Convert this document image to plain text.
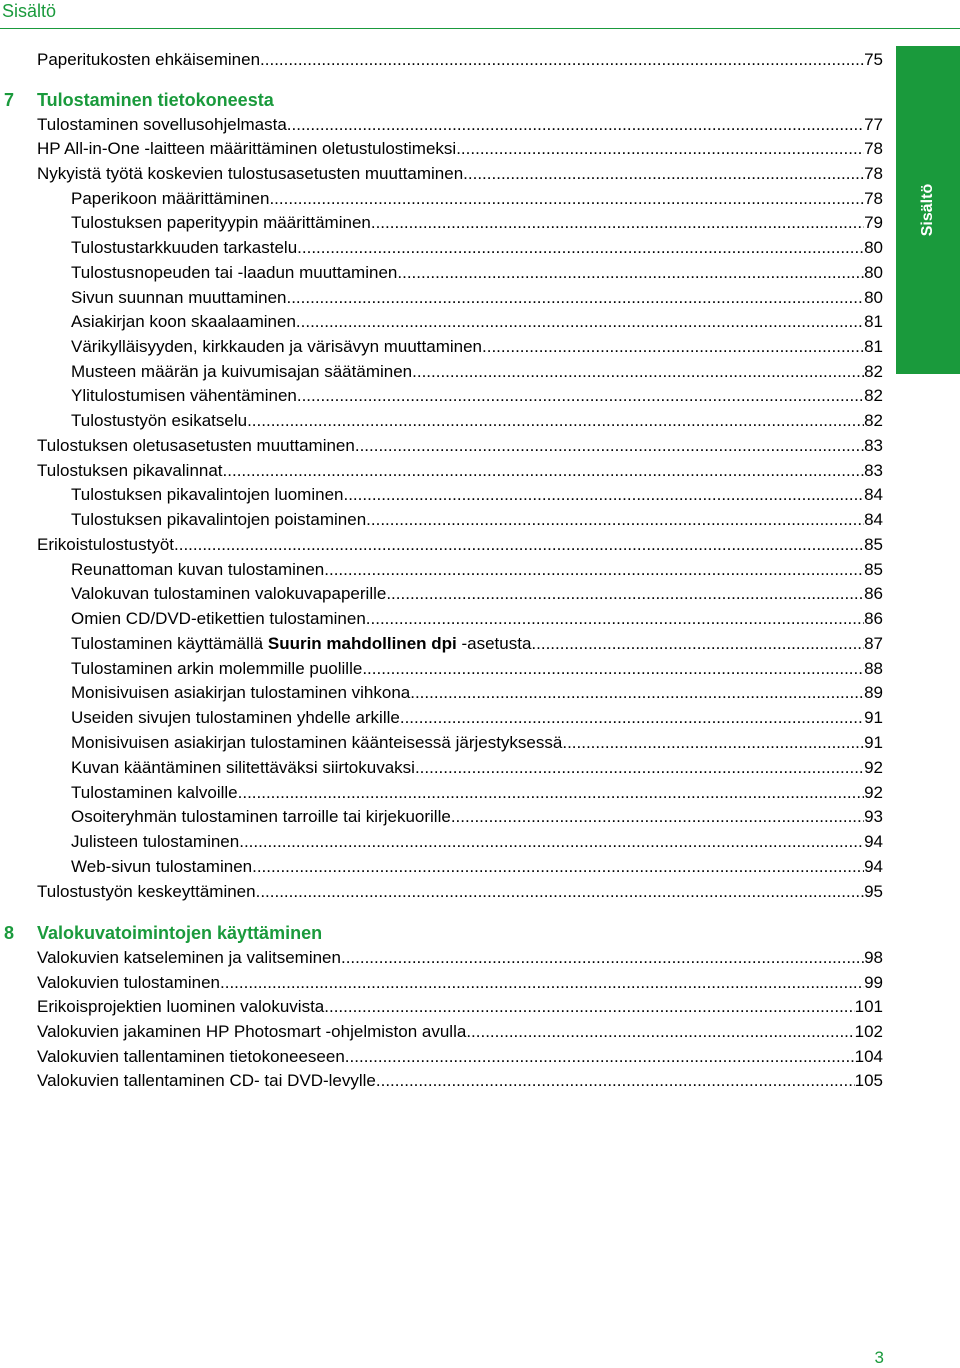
Sisältö
Sisältö
Paperitukosten ehkäiseminen .....	75
7 Tulostaminen tietokoneesta
Tulostaminen sovellusohjelmasta .....	77
HP All-in-One -laitteen määrittäminen oletustulostimeksi .....	78
Nykyistä työtä koskevien tulostusasetusten muuttaminen .....	78
Paperikoon määrittäminen .....	78
Tulostuksen paperityypin määrittäminen .....	79
Tulostustarkkuuden tarkastelu .....	80
Tulostusnopeuden tai -laadun muuttaminen .....	80
Sivun suunnan muuttaminen .....	80
Asiakirjan koon skaalaaminen .....	81
Värikylläisyyden, kirkkauden ja värisävyn muuttaminen .....	81
Musteen määrän ja kuivumisajan säätäminen .....	82
Ylitulostumisen vähentäminen .....	82
Tulostustyön esikatselu .....	82
Tulostuksen oletusasetusten muuttaminen .....	83
Tulostuksen pikavalinnat .....	83
Tulostuksen pikavalintojen luominen .....	84
Tulostuksen pikavalintojen poistaminen .....	84
Erikoistulostustyöt .....	85
Reunattoman kuvan tulostaminen .....	85
Valokuvan tulostaminen valokuvapaperille .....	86
Omien CD/DVD-etikettien tulostaminen .....	86
Tulostaminen käyttämällä Suurin mahdollinen dpi -asetusta .....	87
Tulostaminen arkin molemmille puolille .....	88
Monisivuisen asiakirjan tulostaminen vihkona .....	89
Useiden sivujen tulostaminen yhdelle arkille .....	91
Monisivuisen asiakirjan tulostaminen käänteisessä järjestyksessä .....	91
Kuvan kääntäminen silitettäväksi siirtokuvaksi .....	92
Tulostaminen kalvoille .....	92
Osoiteryhmän tulostaminen tarroille tai kirjekuorille .....	93
Julisteen tulostaminen .....	94
Web-sivun tulostaminen .....	94
Tulostustyön keskeyttäminen .....	95
8 Valokuvatoimintojen käyttäminen
Valokuvien katseleminen ja valitseminen .....	98
Valokuvien tulostaminen .....	99
Erikoisprojektien luominen valokuvista .....	101
Valokuvien jakaminen HP Photosmart -ohjelmiston avulla .....	102
Valokuvien tallentaminen tietokoneeseen .....	104
Valokuvien tallentaminen CD- tai DVD-levylle .....	105
3
